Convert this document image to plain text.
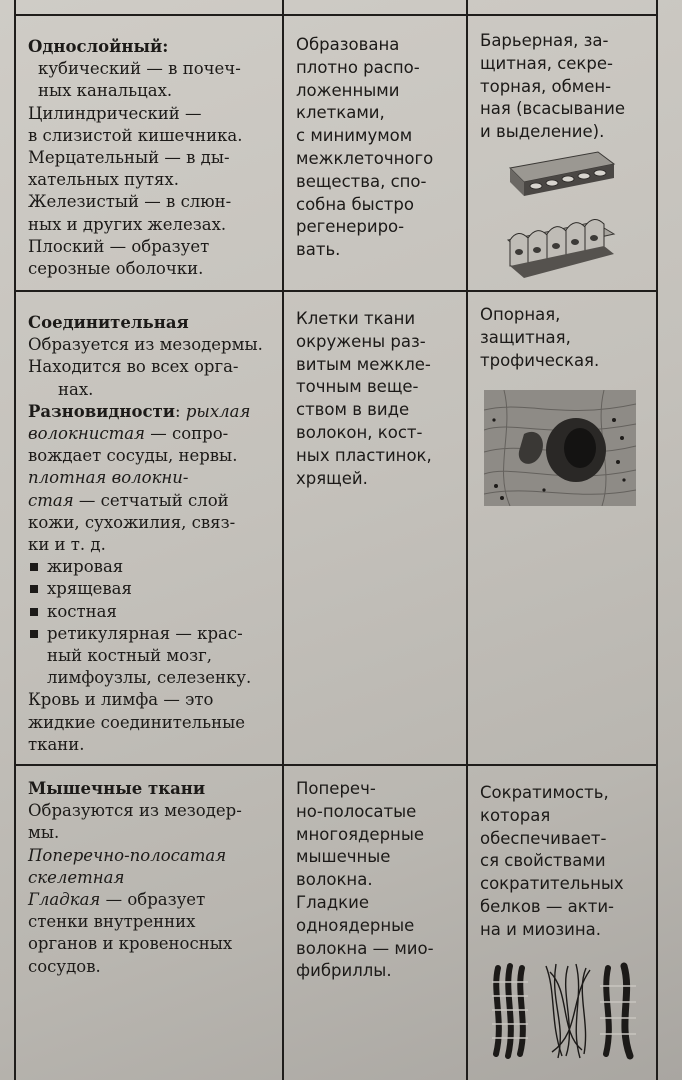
Однослойный:

кубический — в почеч-

ных канальцах.

Цилиндрический —

в слизистой кишечника.

Мерцательный — в ды-

хательных путях.

Железистый — в слюн-

ных и других железах.

Плоский — образует

серозные оболочки.

Образована

плотно распо-

ложенными

клетками,

с минимумом

межклеточного

вещества, спо-

собна быстро

регенериро-

вать.

Барьерная, за-

щитная, секре-

торная, обмен-

ная (всасывание

и выделение).

Соединительная

Образуется из мезодермы.

Находится во всех орга-

нах.

Разновидности: рыхлая

волокнистая — сопро-

вождает сосуды, нервы.

плотная волокни-

стая — сетчатый слой

кожи, сухожилия, связ-

ки и т. д.

жировая
хрящевая
костная
ретикулярная — крас-

ный костный мозг,

лимфоузлы, селезенку.

Кровь и лимфа — это

жидкие соединительные

ткани.

Клетки ткани

окружены раз-

витым межкле-

точным веще-

ством в виде

волокон, кост-

ных пластинок,

хрящей.

Опорная,

защитная,

трофическая.

Мышечные ткани

Образуются из мезодер-

мы.

Поперечно-полосатая

скелетная

Гладкая — образует

стенки внутренних

органов и кровеносных

сосудов.

Попереч-

но-полосатые

многоядерные

мышечные

волокна.

Гладкие

одноядерные

волокна — мио-

фибриллы.

Сократимость,

которая

обеспечивает-

ся свойствами

сократительных

белков — акти-

на и миозина.
